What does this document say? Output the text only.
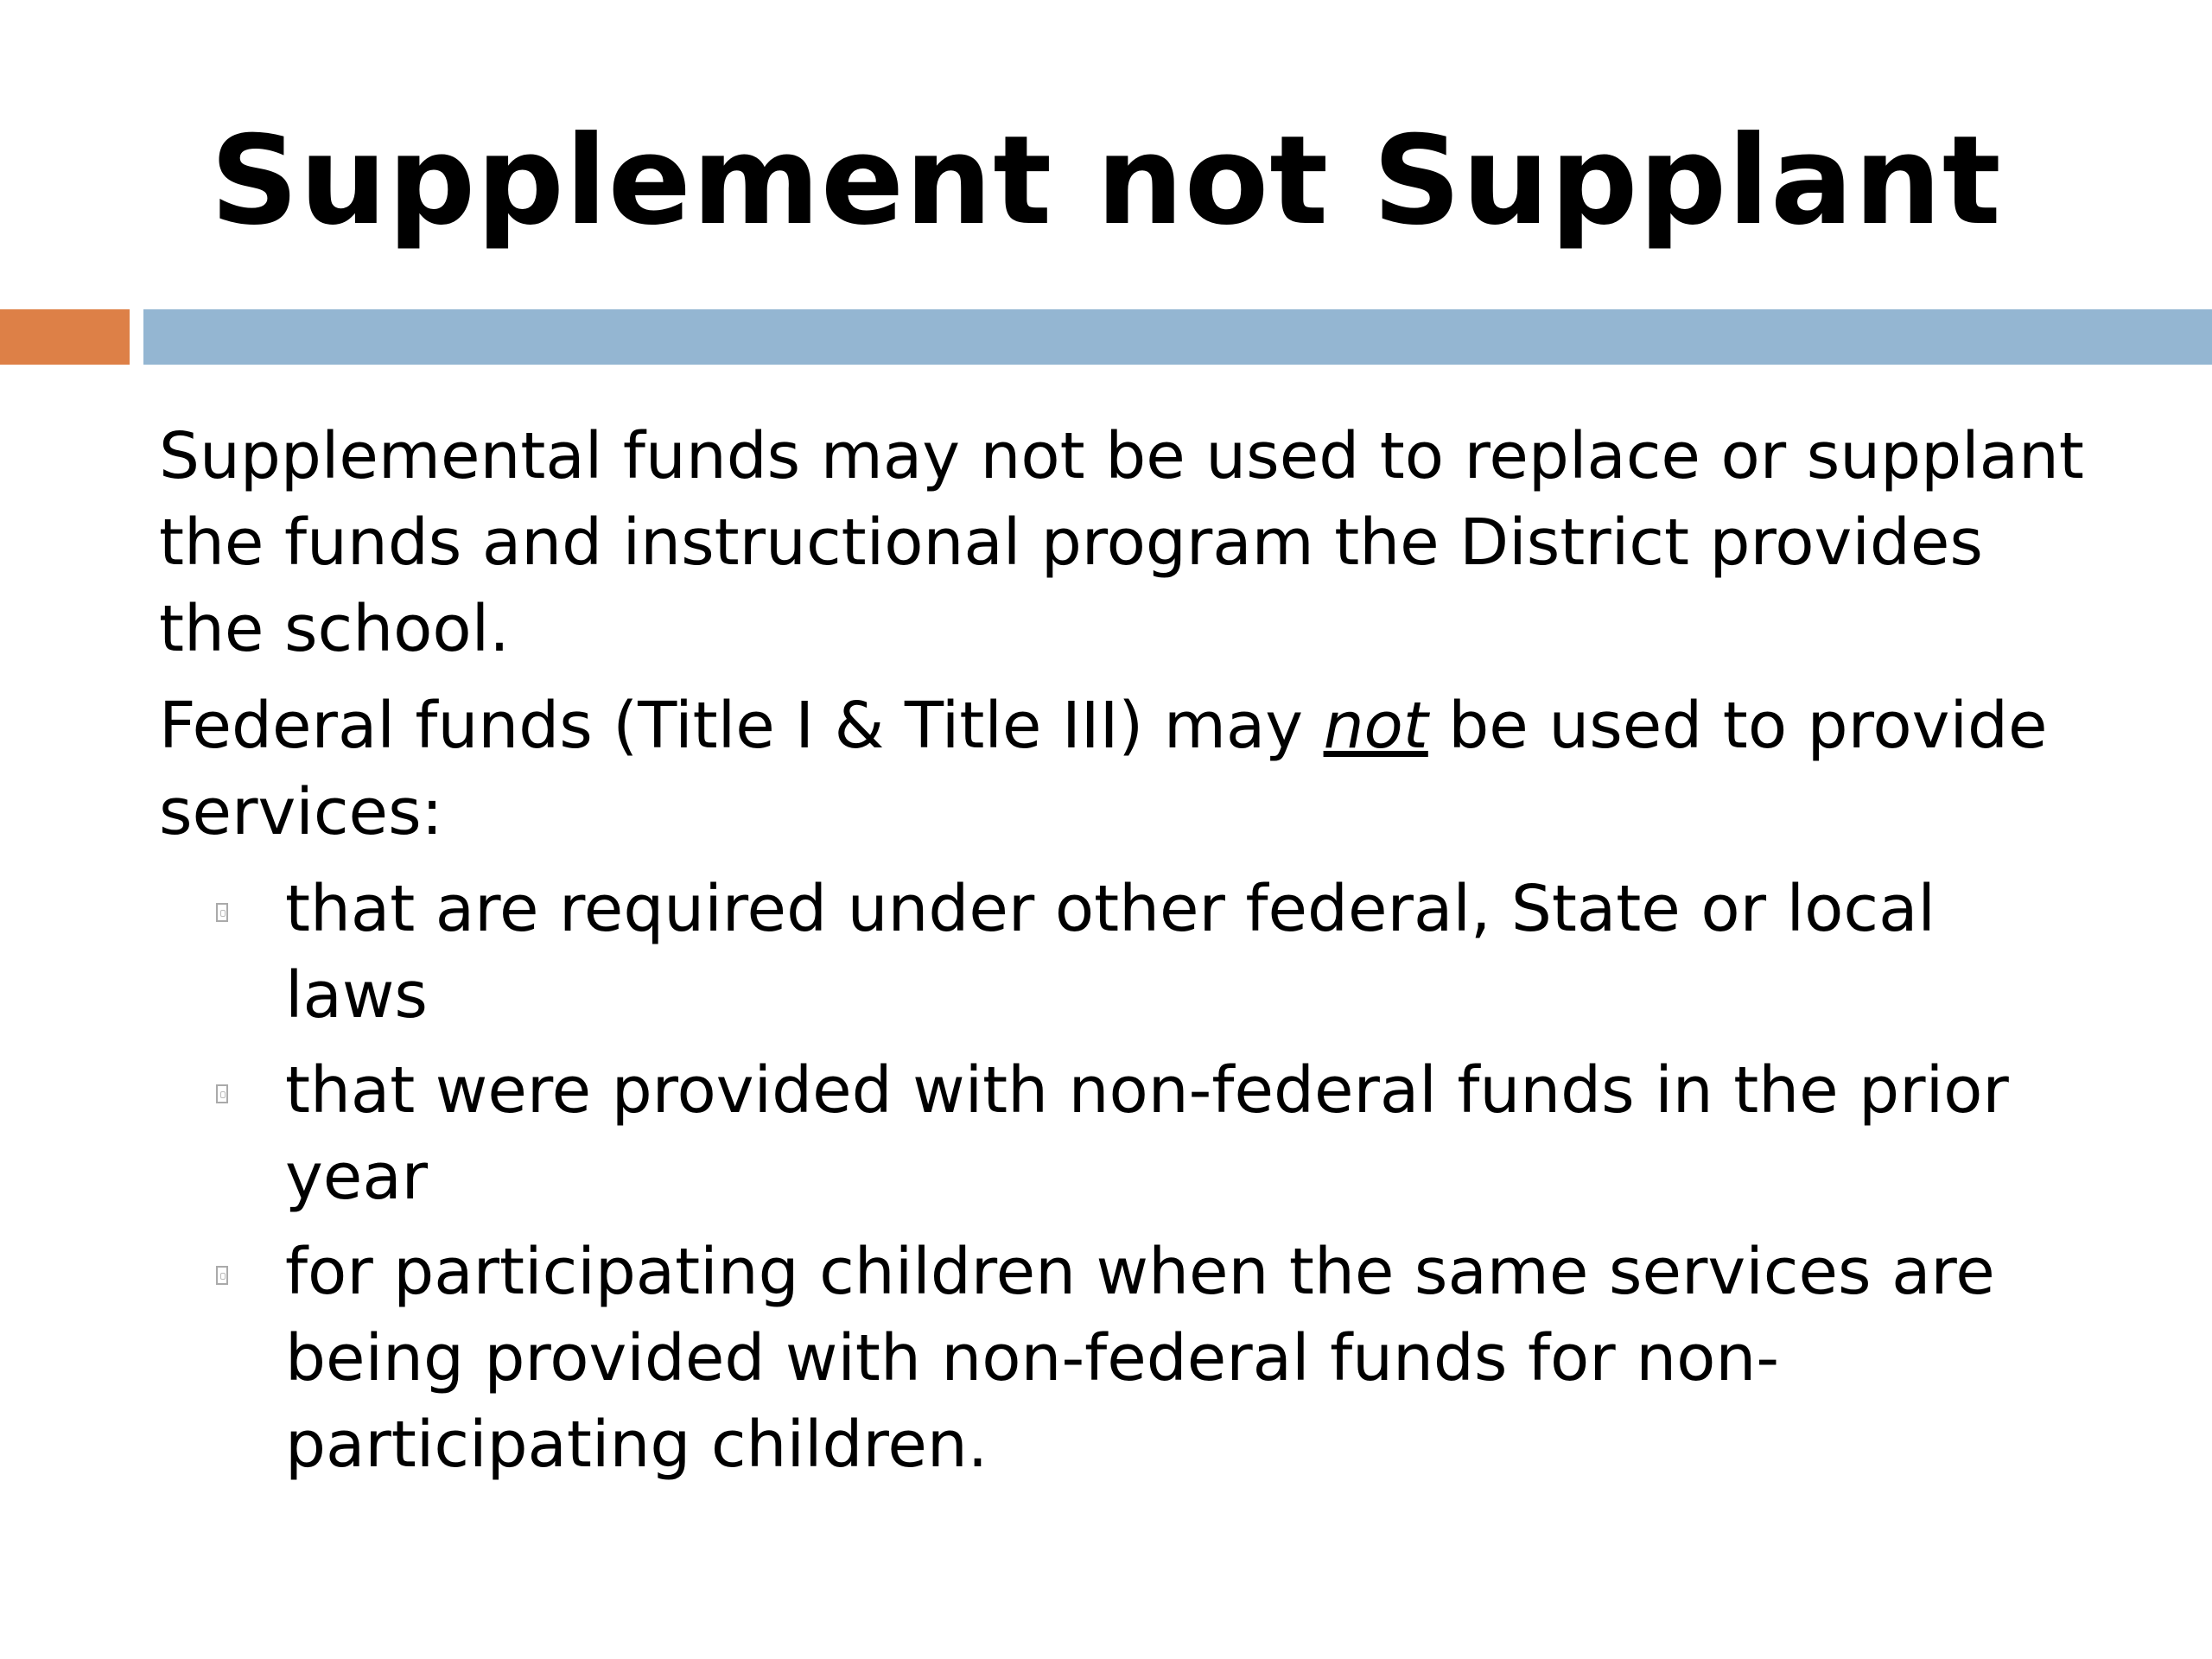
Supplement not Supplant

Supplemental funds may not be used to replace or supplant the funds and instructional program the District provides the school.

Federal funds (Title I & Title III) may not be used to provide services:

that are required under other federal, State or local laws
that were provided with non-federal funds in the prior year
for participating children when the same services are being provided with non-federal funds for non-participating children.
